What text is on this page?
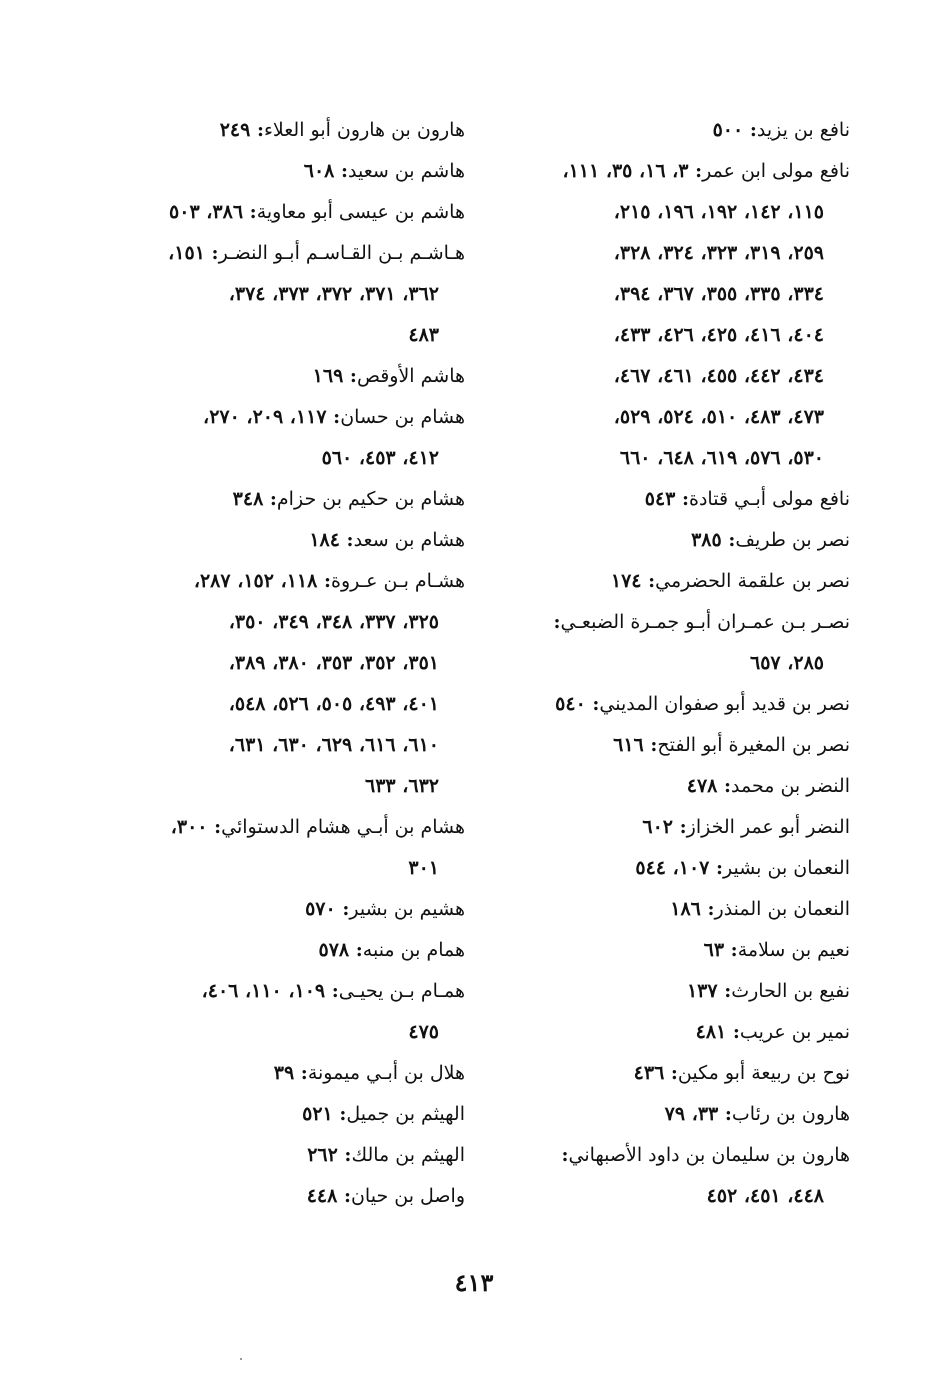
نافع بن يزيد: ٥٠٠
نافع مولى ابن عمر: ٣، ١٦، ٣٥، ١١١،
١١٥، ١٤٢، ١٩٢، ١٩٦، ٢١٥،
٢٥٩، ٣١٩، ٣٢٣، ٣٢٤، ٣٢٨،
٣٣٤، ٣٣٥، ٣٥٥، ٣٦٧، ٣٩٤،
٤٠٤، ٤١٦، ٤٢٥، ٤٢٦، ٤٣٣،
٤٣٤، ٤٤٢، ٤٥٥، ٤٦١، ٤٦٧،
٤٧٣، ٤٨٣، ٥١٠، ٥٢٤، ٥٢٩،
٥٣٠، ٥٧٦، ٦١٩، ٦٤٨، ٦٦٠
نافع مولى أبـي قتادة: ٥٤٣
نصر بن طريف: ٣٨٥
نصر بن علقمة الحضرمي: ١٧٤
نصـر بـن عمـران أبـو جمـرة الضبعـي:
٢٨٥، ٦٥٧
نصر بن قديد أبو صفوان المديني: ٥٤٠
نصر بن المغيرة أبو الفتح: ٦١٦
النضر بن محمد: ٤٧٨
النضر أبو عمر الخزاز: ٦٠٢
النعمان بن بشير: ١٠٧، ٥٤٤
النعمان بن المنذر: ١٨٦
نعيم بن سلامة: ٦٣
نفيع بن الحارث: ١٣٧
نمير بن عريب: ٤٨١
نوح بن ربيعة أبو مكين: ٤٣٦
هارون بن رئاب: ٣٣، ٧٩
هارون بن سليمان بن داود الأصبهاني:
٤٤٨، ٤٥١، ٤٥٢
هارون بن هارون أبو العلاء: ٢٤٩
هاشم بن سعيد: ٦٠٨
هاشم بن عيسى أبو معاوية: ٣٨٦، ٥٠٣
هـاشـم بـن القـاسـم أبـو النضـر: ١٥١،
٣٦٢، ٣٧١، ٣٧٢، ٣٧٣، ٣٧٤،
٤٨٣
هاشم الأوقص: ١٦٩
هشام بن حسان: ١١٧، ٢٠٩، ٢٧٠،
٤١٢، ٤٥٣، ٥٦٠
هشام بن حكيم بن حزام: ٣٤٨
هشام بن سعد: ١٨٤
هشـام بـن عـروة: ١١٨، ١٥٢، ٢٨٧،
٣٢٥، ٣٣٧، ٣٤٨، ٣٤٩، ٣٥٠،
٣٥١، ٣٥٢، ٣٥٣، ٣٨٠، ٣٨٩،
٤٠١، ٤٩٣، ٥٠٥، ٥٢٦، ٥٤٨،
٦١٠، ٦١٦، ٦٢٩، ٦٣٠، ٦٣١،
٦٣٢، ٦٣٣
هشام بن أبـي هشام الدستوائي: ٣٠٠،
٣٠١
هشيم بن بشير: ٥٧٠
همام بن منبه: ٥٧٨
همـام بـن يحيـى: ١٠٩، ١١٠، ٤٠٦،
٤٧٥
هلال بن أبـي ميمونة: ٣٩
الهيثم بن جميل: ٥٢١
الهيثم بن مالك: ٢٦٢
واصل بن حيان: ٤٤٨
٤١٣
